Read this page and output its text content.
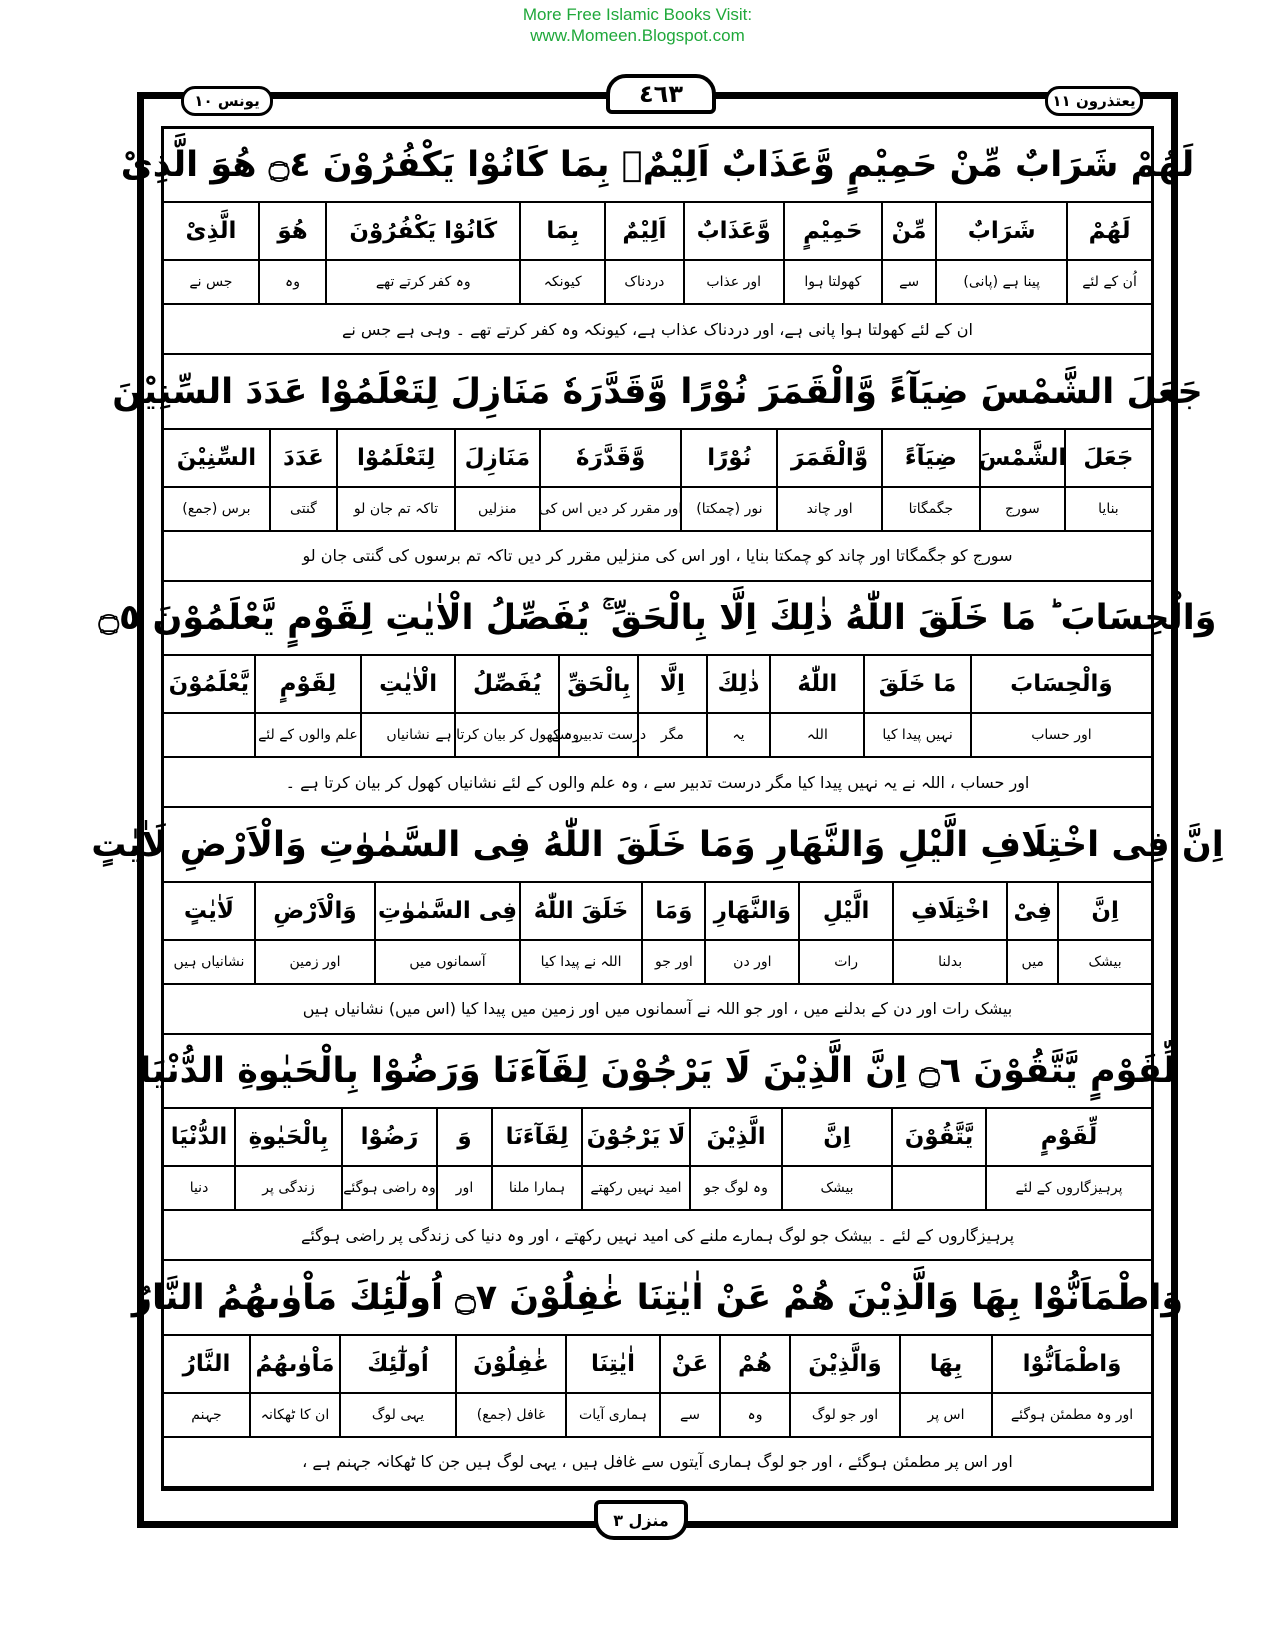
More Free Islamic Books Visit:
www.Momeen.Blogspot.com
يونس ١٠	٤٦٣	يعتذرون ١١
لَهُمْ شَرَابٌ مِّنْ حَمِيْمٍ وَّعَذَابٌ اَلِيْمٌۢ بِمَا كَانُوْا يَكْفُرُوْنَ ۝٤ هُوَ الَّذِىْ
لَهُمْ
اُن کے لئے
شَرَابٌ
پینا ہے (پانی)
مِّنْ
سے
حَمِيْمٍ
کھولتا ہوا
وَّعَذَابٌ
اور عذاب
اَلِيْمٌ
دردناک
بِمَا
کیونکہ
كَانُوْا يَكْفُرُوْنَ
وہ کفر کرتے تھے
هُوَ
وہ
الَّذِىْ
جس نے
ان کے لئے کھولتا ہوا پانی ہے، اور دردناک عذاب ہے، کیونکہ وہ کفر کرتے تھے ۔ وہی ہے جس نے
جَعَلَ الشَّمْسَ ضِيَآءً وَّالْقَمَرَ نُوْرًا وَّقَدَّرَهٗ مَنَازِلَ لِتَعْلَمُوْا عَدَدَ السِّنِيْنَ
جَعَلَ
بنایا
الشَّمْسَ
سورج
ضِيَآءً
جگمگاتا
وَّالْقَمَرَ
اور چاند
نُوْرًا
نور (چمکتا)
وَّقَدَّرَهٗ
اور مقرر کر دیں اس کی
مَنَازِلَ
منزلیں
لِتَعْلَمُوْا
تاکہ تم جان لو
عَدَدَ
گنتی
السِّنِيْنَ
برس (جمع)
سورج کو جگمگاتا اور چاند کو چمکتا بنایا ، اور اس کی منزلیں مقرر کر دیں تاکہ تم برسوں کی گنتی جان لو
وَالْحِسَابَ ؕ مَا خَلَقَ اللّٰهُ ذٰلِكَ اِلَّا بِالْحَقِّ ۚ يُفَصِّلُ الْاٰيٰتِ لِقَوْمٍ يَّعْلَمُوْنَ ۝٥
وَالْحِسَابَ
اور حساب
مَا خَلَقَ
نہیں پیدا کیا
اللّٰهُ
اللہ
ذٰلِكَ
یہ
اِلَّا
مگر
بِالْحَقِّ
درست تدبیر سے
يُفَصِّلُ
وہ کھول کر بیان کرتا ہے
الْاٰيٰتِ
نشانیاں
لِقَوْمٍ
علم والوں کے لئے
يَّعْلَمُوْنَ
اور حساب ، اللہ نے یہ نہیں پیدا کیا مگر درست تدبیر سے ، وہ علم والوں کے لئے نشانیاں کھول کر بیان کرتا ہے ۔
اِنَّ فِى اخْتِلَافِ الَّيْلِ وَالنَّهَارِ وَمَا خَلَقَ اللّٰهُ فِى السَّمٰوٰتِ وَالْاَرْضِ لَاٰيٰتٍ
اِنَّ
بیشک
فِىْ
میں
اخْتِلَافِ
بدلنا
الَّيْلِ
رات
وَالنَّهَارِ
اور دن
وَمَا
اور جو
خَلَقَ اللّٰهُ
اللہ نے پیدا کیا
فِى السَّمٰوٰتِ
آسمانوں میں
وَالْاَرْضِ
اور زمین
لَاٰيٰتٍ
نشانیاں ہیں
بیشک رات اور دن کے بدلنے میں ، اور جو اللہ نے آسمانوں میں اور زمین میں پیدا کیا (اس میں) نشانیاں ہیں
لِّقَوْمٍ يَّتَّقُوْنَ ۝٦ اِنَّ الَّذِيْنَ لَا يَرْجُوْنَ لِقَآءَنَا وَرَضُوْا بِالْحَيٰوةِ الدُّنْيَا
لِّقَوْمٍ
پرہیزگاروں کے لئے
يَّتَّقُوْنَ
اِنَّ
بیشک
الَّذِيْنَ
وہ لوگ جو
لَا يَرْجُوْنَ
امید نہیں رکھتے
لِقَآءَنَا
ہمارا ملنا
وَ
اور
رَضُوْا
وہ راضی ہوگئے
بِالْحَيٰوةِ
زندگی پر
الدُّنْيَا
دنیا
پرہیزگاروں کے لئے ۔ بیشک جو لوگ ہمارے ملنے کی امید نہیں رکھتے ، اور وہ دنیا کی زندگی پر راضی ہوگئے
وَاطْمَاَنُّوْا بِهَا وَالَّذِيْنَ هُمْ عَنْ اٰيٰتِنَا غٰفِلُوْنَ ۝٧ اُولٰٓئِكَ مَاْوٰىهُمُ النَّارُ
وَاطْمَاَنُّوْا
اور وہ مطمئن ہوگئے
بِهَا
اس پر
وَالَّذِيْنَ
اور جو لوگ
هُمْ
وہ
عَنْ
سے
اٰيٰتِنَا
ہماری آیات
غٰفِلُوْنَ
غافل (جمع)
اُولٰٓئِكَ
یہی لوگ
مَاْوٰىهُمُ
ان کا ٹھکانہ
النَّارُ
جہنم
اور اس پر مطمئن ہوگئے ، اور جو لوگ ہماری آیتوں سے غافل ہیں ، یہی لوگ ہیں جن کا ٹھکانہ جہنم ہے ،
منزل ٣
